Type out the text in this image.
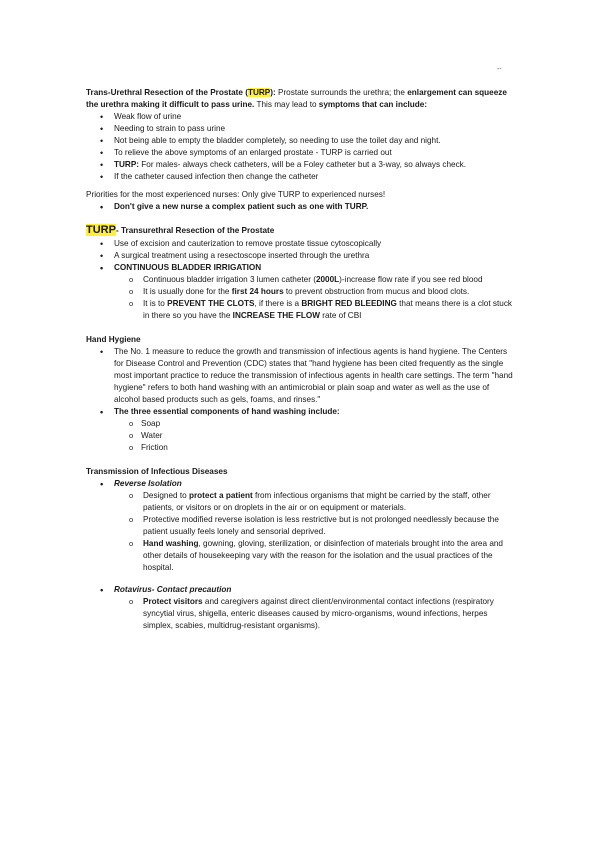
--

Trans-Urethral Resection of the Prostate (TURP): Prostate surrounds the urethra; the enlargement can squeeze the urethra making it difficult to pass urine. This may lead to symptoms that can include:

• Weak flow of urine
• Needing to strain to pass urine
• Not being able to empty the bladder completely, so needing to use the toilet day and night.
• To relieve the above symptoms of an enlarged prostate - TURP is carried out
• TURP: For males- always check catheters, will be a Foley catheter but a 3-way, so always check.
• If the catheter caused infection then change the catheter

Priorities for the most experienced nurses: Only give TURP to experienced nurses!

• Don't give a new nurse a complex patient such as one with TURP.

TURP- Transurethral Resection of the Prostate

• Use of excision and cauterization to remove prostate tissue cytoscopically
• A surgical treatment using a resectoscope inserted through the urethra
• CONTINUOUS BLADDER IRRIGATION
o Continuous bladder irrigation 3 lumen catheter (2000L)-increase flow rate if you see red blood
o It is usually done for the first 24 hours to prevent obstruction from mucus and blood clots.
o It is to PREVENT THE CLOTS, if there is a BRIGHT RED BLEEDING that means there is a clot stuck in there so you have the INCREASE THE FLOW rate of CBI

Hand Hygiene

• The No. 1 measure to reduce the growth and transmission of infectious agents is hand hygiene. The Centers for Disease Control and Prevention (CDC) states that "hand hygiene has been cited frequently as the single most important practice to reduce the transmission of infectious agents in health care settings. The term "hand hygiene" refers to both hand washing with an antimicrobial or plain soap and water as well as the use of alcohol based products such as gels, foams, and rinses."
• The three essential components of hand washing include:
o Soap
o Water
o Friction

Transmission of Infectious Diseases

• Reverse Isolation
o Designed to protect a patient from infectious organisms that might be carried by the staff, other patients, or visitors or on droplets in the air or on equipment or materials.
o Protective modified reverse isolation is less restrictive but is not prolonged needlessly because the patient usually feels lonely and sensorial deprived.
o Hand washing, gowning, gloving, sterilization, or disinfection of materials brought into the area and other details of housekeeping vary with the reason for the isolation and the usual practices of the hospital.
• Rotavirus- Contact precaution
o Protect visitors and caregivers against direct client/environmental contact infections (respiratory syncytial virus, shigella, enteric diseases caused by micro-organisms, wound infections, herpes simplex, scabies, multidrug-resistant organisms).
